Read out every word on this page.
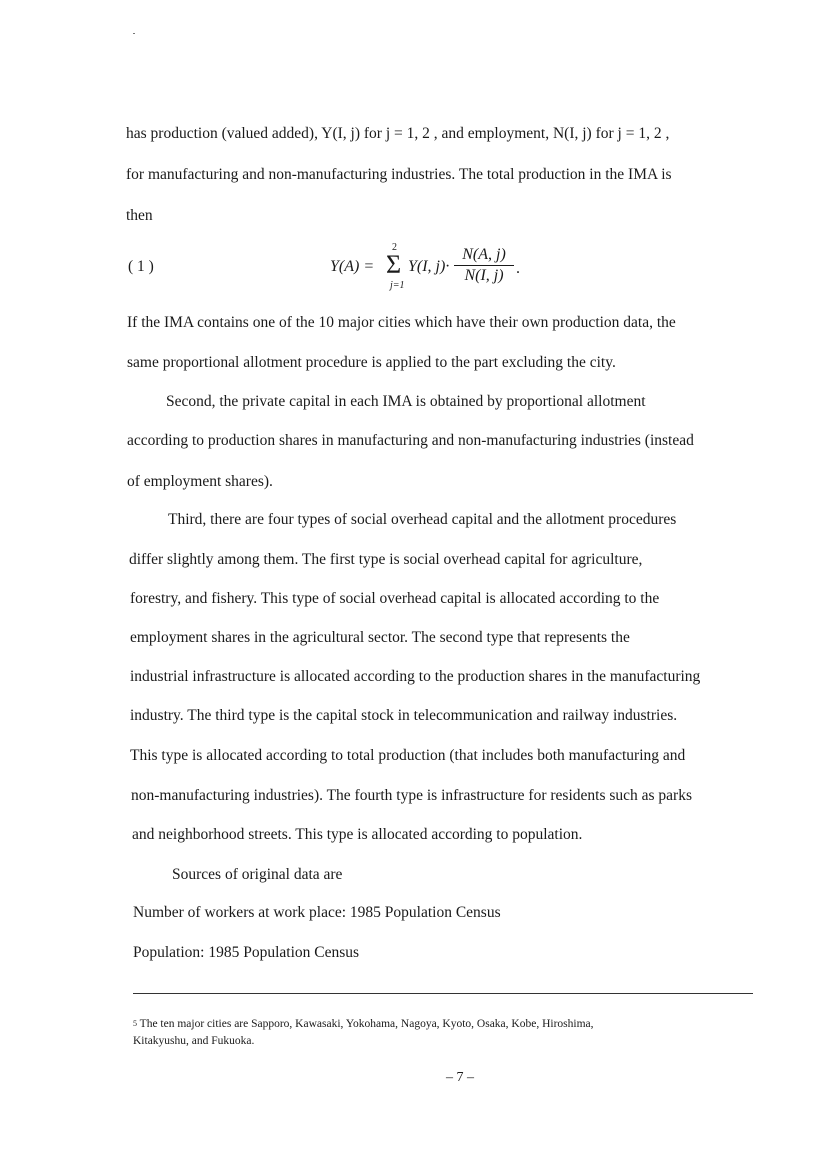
has production (valued added), Y(I, j) for j = 1, 2 , and employment, N(I, j) for j = 1, 2 ,
for manufacturing and non-manufacturing industries. The total production in the IMA is
then
( 1 )	Y(A) =
2
Σ
j=1
Y(I, j)·
N(A, j)
N(I, j) .
If the IMA contains one of the 10 major cities which have their own production data, the
same proportional allotment procedure is applied to the part excluding the city.
Second, the private capital in each IMA is obtained by proportional allotment
according to production shares in manufacturing and non-manufacturing industries (instead
of employment shares).
Third, there are four types of social overhead capital and the allotment procedures
differ slightly among them. The first type is social overhead capital for agriculture,
forestry, and fishery. This type of social overhead capital is allocated according to the
employment shares in the agricultural sector. The second type that represents the
industrial infrastructure is allocated according to the production shares in the manufacturing
industry. The third type is the capital stock in telecommunication and railway industries.
This type is allocated according to total production (that includes both manufacturing and
non-manufacturing industries). The fourth type is infrastructure for residents such as parks
and neighborhood streets. This type is allocated according to population.
Sources of original data are
Number of workers at work place: 1985 Population Census
Population: 1985 Population Census
$^5$ The ten major cities are Sapporo, Kawasaki, Yokohama, Nagoya, Kyoto, Osaka, Kobe, Hiroshima,
Kitakyushu, and Fukuoka.
– 7 –
